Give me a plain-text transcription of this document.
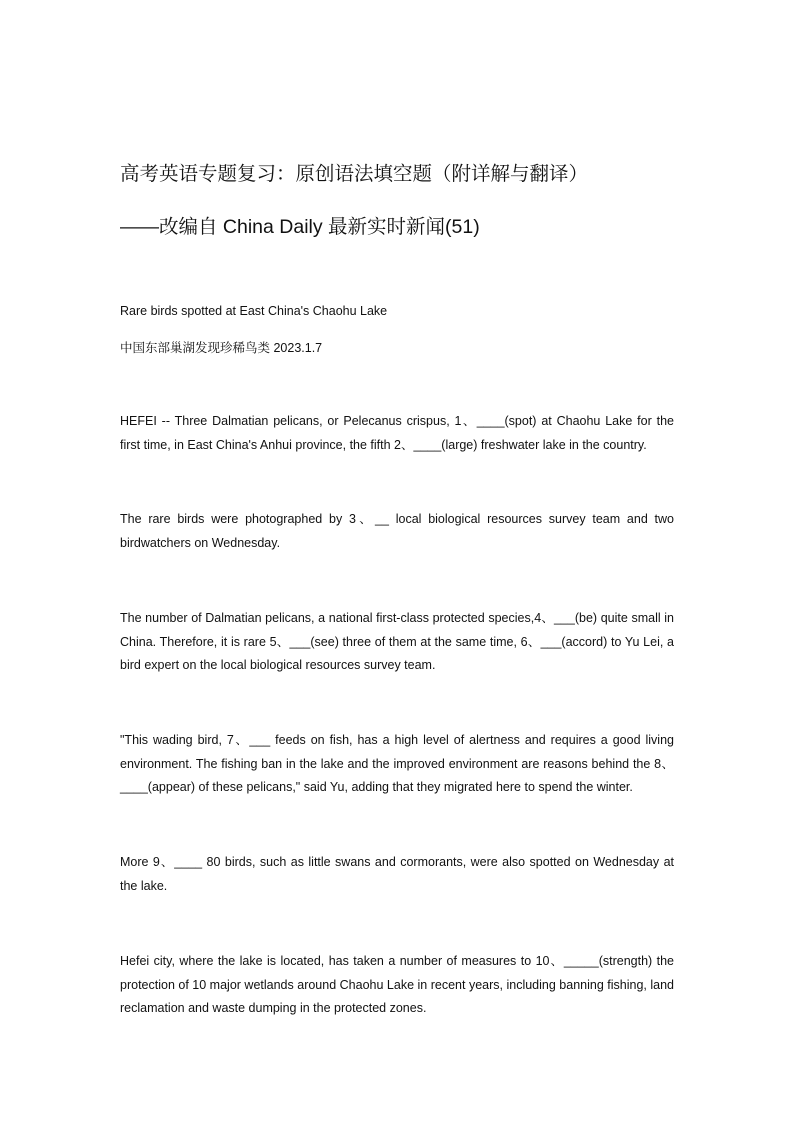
高考英语专题复习：原创语法填空题（附详解与翻译）
——改编自 China Daily 最新实时新闻(51)
Rare birds spotted at East China's Chaohu Lake
中国东部巢湖发现珍稀鸟类 2023.1.7
HEFEI -- Three Dalmatian pelicans, or Pelecanus crispus, 1、____(spot) at Chaohu Lake for the first time, in East China's Anhui province, the fifth 2、____(large) freshwater lake in the country.
The rare birds were photographed by 3、__ local biological resources survey team and two birdwatchers on Wednesday.
The number of Dalmatian pelicans, a national first-class protected species,4、___(be) quite small in China. Therefore, it is rare 5、___(see) three of them at the same time, 6、___(accord) to Yu Lei, a bird expert on the local biological resources survey team.
"This wading bird, 7、___ feeds on fish, has a high level of alertness and requires a good living environment. The fishing ban in the lake and the improved environment are reasons behind the 8、____(appear) of these pelicans," said Yu, adding that they migrated here to spend the winter.
More 9、____ 80 birds, such as little swans and cormorants, were also spotted on Wednesday at the lake.
Hefei city, where the lake is located, has taken a number of measures to 10、_____(strength) the protection of 10 major wetlands around Chaohu Lake in recent years, including banning fishing, land reclamation and waste dumping in the protected zones.
